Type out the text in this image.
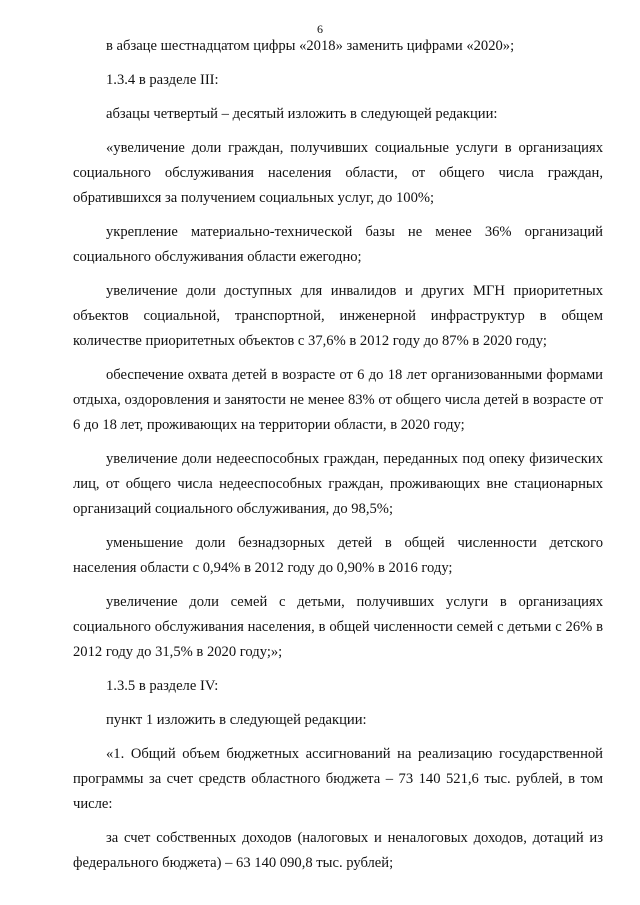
6

в абзаце шестнадцатом цифры «2018» заменить цифрами «2020»;

1.3.4 в разделе III:

абзацы четвертый – десятый изложить в следующей редакции:

«увеличение доли граждан, получивших социальные услуги в организациях социального обслуживания населения области, от общего числа граждан, обратившихся за получением социальных услуг, до 100%;

укрепление материально-технической базы не менее 36% организаций социального обслуживания области ежегодно;

увеличение доли доступных для инвалидов и других МГН приоритетных объектов социальной, транспортной, инженерной инфраструктур в общем количестве приоритетных объектов с 37,6% в 2012 году до 87% в 2020 году;

обеспечение охвата детей в возрасте от 6 до 18 лет организованными формами отдыха, оздоровления и занятости не менее 83% от общего числа детей в возрасте от 6 до 18 лет, проживающих на территории области, в 2020 году;

увеличение доли недееспособных граждан, переданных под опеку физических лиц, от общего числа недееспособных граждан, проживающих вне стационарных организаций социального обслуживания, до 98,5%;

уменьшение доли безнадзорных детей в общей численности детского населения области с 0,94% в 2012 году до 0,90% в 2016 году;

увеличение доли семей с детьми, получивших услуги в организациях социального обслуживания населения, в общей численности семей с детьми с 26% в 2012 году до 31,5% в 2020 году;»;

1.3.5 в разделе IV:

пункт 1 изложить в следующей редакции:

«1. Общий объем бюджетных ассигнований на реализацию государственной программы за счет средств областного бюджета – 73 140 521,6 тыс. рублей, в том числе:

за счет собственных доходов (налоговых и неналоговых доходов, дотаций из федерального бюджета) – 63 140 090,8 тыс. рублей;
